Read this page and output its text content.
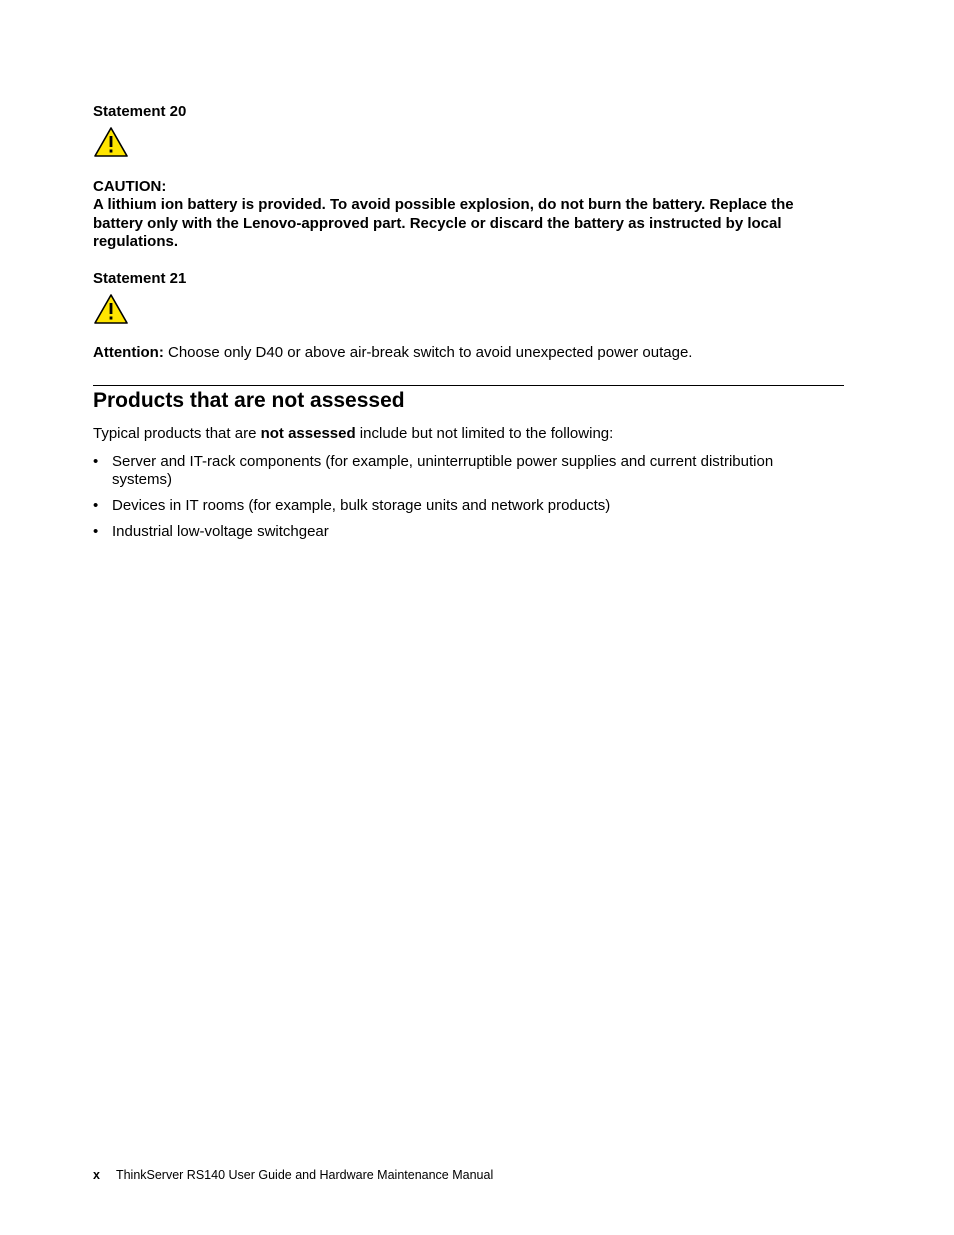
Statement 20
CAUTION:
A lithium ion battery is provided. To avoid possible explosion, do not burn the battery. Replace the battery only with the Lenovo-approved part. Recycle or discard the battery as instructed by local regulations.
Statement 21
Attention: Choose only D40 or above air-break switch to avoid unexpected power outage.
Products that are not assessed
Typical products that are not assessed include but not limited to the following:
• Server and IT-rack components (for example, uninterruptible power supplies and current distribution systems)
• Devices in IT rooms (for example, bulk storage units and network products)
• Industrial low-voltage switchgear
x ThinkServer RS140 User Guide and Hardware Maintenance Manual
